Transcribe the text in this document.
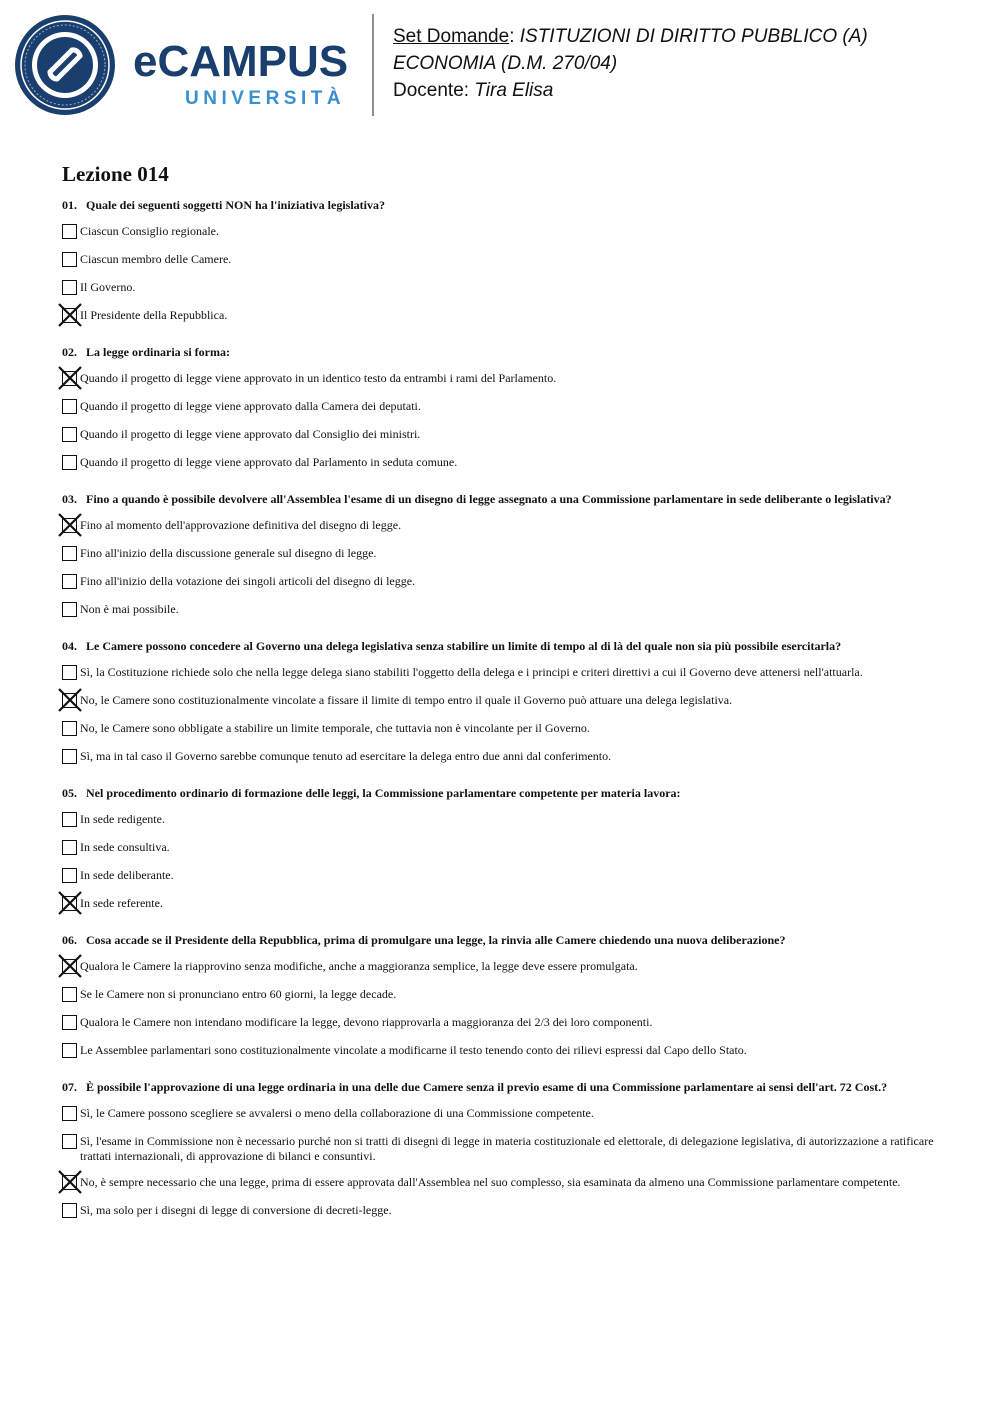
eCAMPUS
UNIVERSITÀ
Set Domande: ISTITUZIONI DI DIRITTO PUBBLICO (A)
ECONOMIA (D.M. 270/04)
Docente: Tira Elisa
Lezione 014
01. Quale dei seguenti soggetti NON ha l'iniziativa legislativa?
Ciascun Consiglio regionale.
Ciascun membro delle Camere.
Il Governo.
Il Presidente della Repubblica.
02. La legge ordinaria si forma:
Quando il progetto di legge viene approvato in un identico testo da entrambi i rami del Parlamento.
Quando il progetto di legge viene approvato dalla Camera dei deputati.
Quando il progetto di legge viene approvato dal Consiglio dei ministri.
Quando il progetto di legge viene approvato dal Parlamento in seduta comune.
03. Fino a quando è possibile devolvere all'Assemblea l'esame di un disegno di legge assegnato a una Commissione parlamentare in sede deliberante o legislativa?
Fino al momento dell'approvazione definitiva del disegno di legge.
Fino all'inizio della discussione generale sul disegno di legge.
Fino all'inizio della votazione dei singoli articoli del disegno di legge.
Non è mai possibile.
04. Le Camere possono concedere al Governo una delega legislativa senza stabilire un limite di tempo al di là del quale non sia più possibile esercitarla?
Sì, la Costituzione richiede solo che nella legge delega siano stabiliti l'oggetto della delega e i principi e criteri direttivi a cui il Governo deve attenersi nell'attuarla.
No, le Camere sono costituzionalmente vincolate a fissare il limite di tempo entro il quale il Governo può attuare una delega legislativa.
No, le Camere sono obbligate a stabilire un limite temporale, che tuttavia non è vincolante per il Governo.
Sì, ma in tal caso il Governo sarebbe comunque tenuto ad esercitare la delega entro due anni dal conferimento.
05. Nel procedimento ordinario di formazione delle leggi, la Commissione parlamentare competente per materia lavora:
In sede redigente.
In sede consultiva.
In sede deliberante.
In sede referente.
06. Cosa accade se il Presidente della Repubblica, prima di promulgare una legge, la rinvia alle Camere chiedendo una nuova deliberazione?
Qualora le Camere la riapprovino senza modifiche, anche a maggioranza semplice, la legge deve essere promulgata.
Se le Camere non si pronunciano entro 60 giorni, la legge decade.
Qualora le Camere non intendano modificare la legge, devono riapprovarla a maggioranza dei 2/3 dei loro componenti.
Le Assemblee parlamentari sono costituzionalmente vincolate a modificarne il testo tenendo conto dei rilievi espressi dal Capo dello Stato.
07. È possibile l'approvazione di una legge ordinaria in una delle due Camere senza il previo esame di una Commissione parlamentare ai sensi dell'art. 72 Cost.?
Sì, le Camere possono scegliere se avvalersi o meno della collaborazione di una Commissione competente.
Sì, l'esame in Commissione non è necessario purché non si tratti di disegni di legge in materia costituzionale ed elettorale, di delegazione legislativa, di autorizzazione a ratificare trattati internazionali, di approvazione di bilanci e consuntivi.
No, è sempre necessario che una legge, prima di essere approvata dall'Assemblea nel suo complesso, sia esaminata da almeno una Commissione parlamentare competente.
Sì, ma solo per i disegni di legge di conversione di decreti-legge.
